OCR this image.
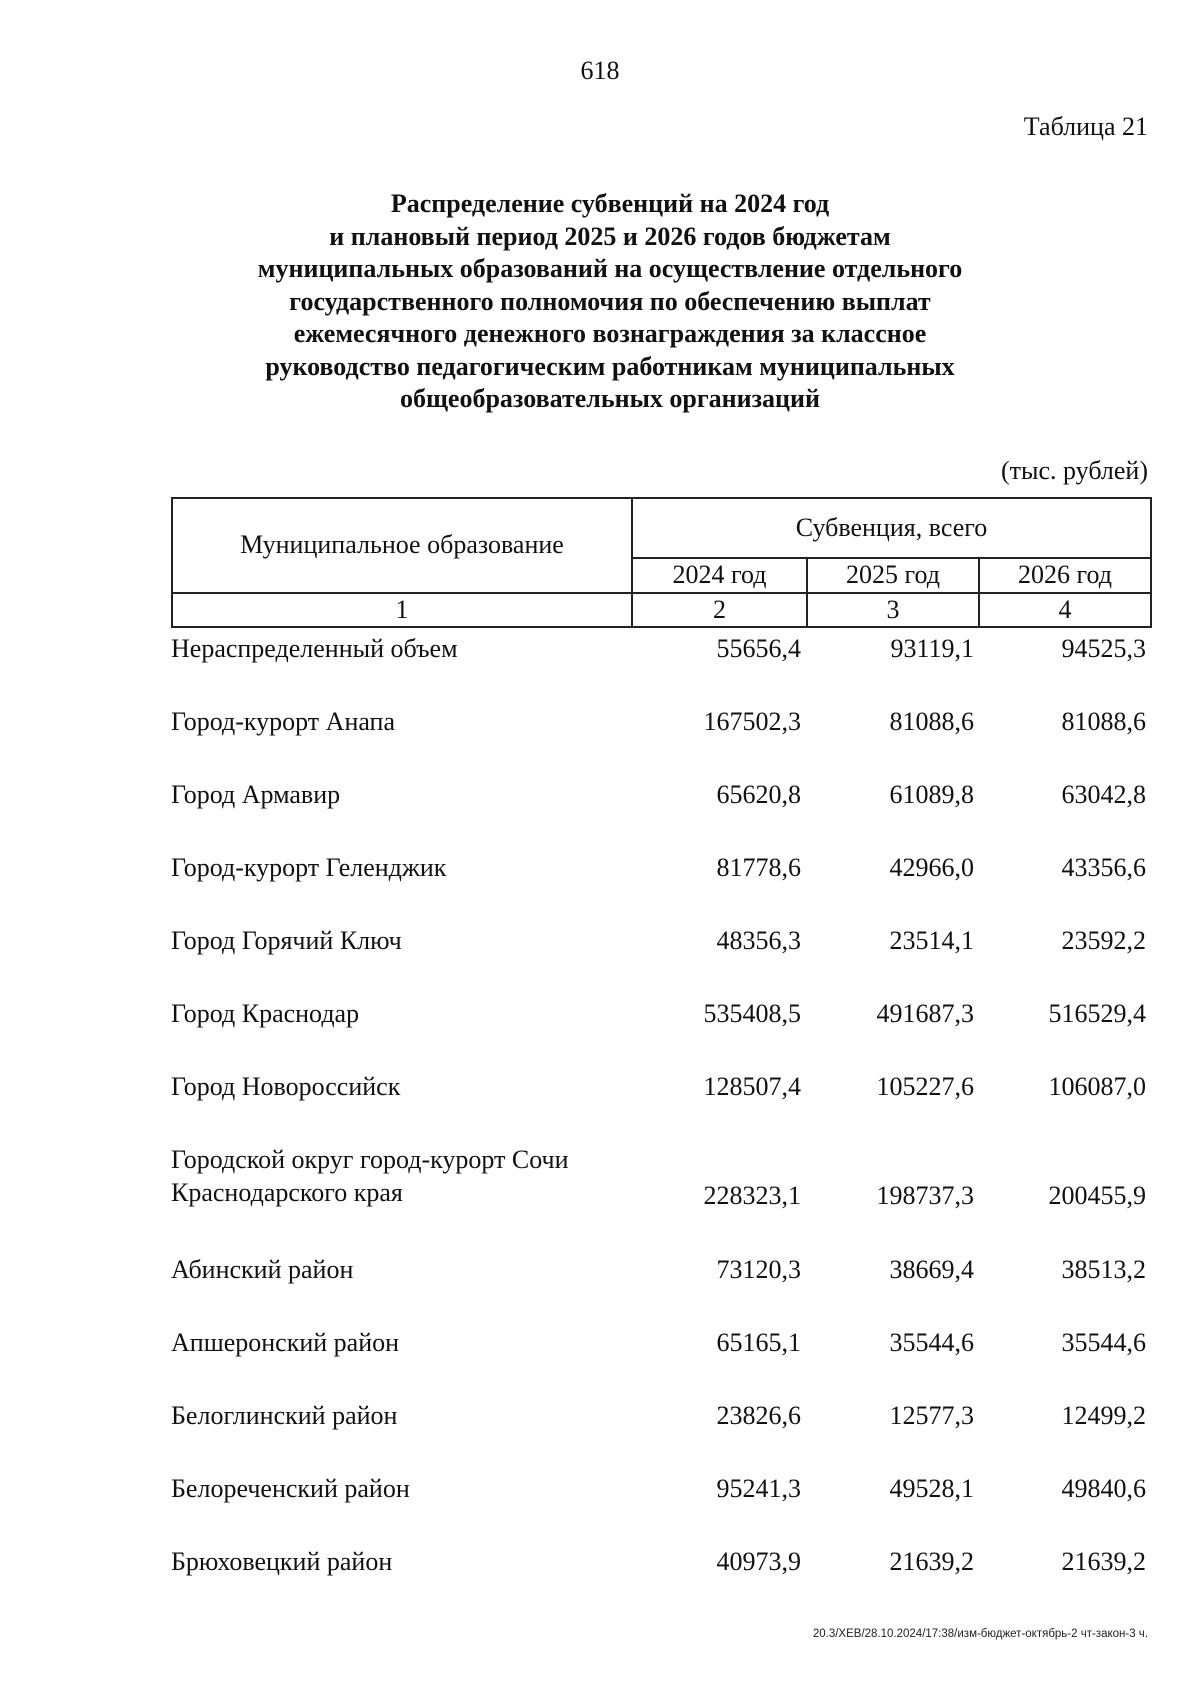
618
Таблица 21
Распределение субвенций на 2024 год
и плановый период 2025 и 2026 годов бюджетам
муниципальных образований на осуществление отдельного
государственного полномочия по обеспечению выплат
ежемесячного денежного вознаграждения за классное
руководство педагогическим работникам муниципальных
общеобразовательных организаций
(тыс. рублей)
Муниципальное образование	Субвенция, всего		
	2024 год	2025 год	2026 год
1	2	3	4
Нераспределенный объем	55656,4	93119,1	94525,3
Город-курорт Анапа	167502,3	81088,6	81088,6
Город Армавир	65620,8	61089,8	63042,8
Город-курорт Геленджик	81778,6	42966,0	43356,6
Город Горячий Ключ	48356,3	23514,1	23592,2
Город Краснодар	535408,5	491687,3	516529,4
Город Новороссийск	128507,4	105227,6	106087,0
Городской округ город-курорт Сочи
Краснодарского края	228323,1	198737,3	200455,9
Абинский район	73120,3	38669,4	38513,2
Апшеронский район	65165,1	35544,6	35544,6
Белоглинский район	23826,6	12577,3	12499,2
Белореченский район	95241,3	49528,1	49840,6
Брюховецкий район	40973,9	21639,2	21639,2
20.3/ХЕВ/28.10.2024/17:38/изм-бюджет-октябрь-2 чт-закон-3 ч.
